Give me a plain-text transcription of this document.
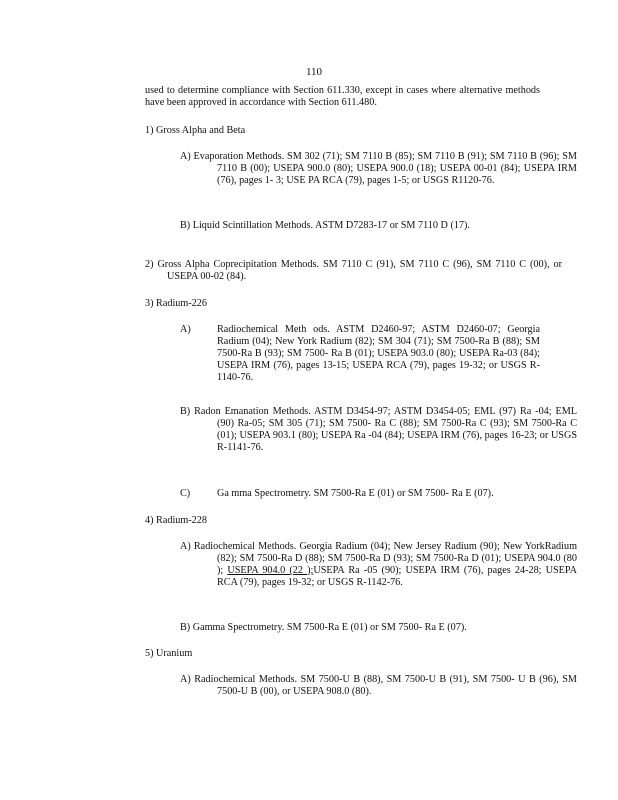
110
used to determine compliance with Section 611.330, except in cases where alternative methods have been approved in accordance with Section 611.480.
1) Gross Alpha and Beta
A) Evaporation Methods. SM 302 (71); SM 7110 B (85); SM 7110 B (91); SM 7110 B (96); SM 7110 B (00); USEPA 900.0 (80); USEPA 900.0 (18); USEPA 00-01 (84); USEPA IRM (76), pages 1- 3; USE PA RCA (79), pages 1-5; or USGS R1120-76.
B) Liquid Scintillation Methods. ASTM D7283-17 or SM 7110 D (17).
2) Gross Alpha Coprecipitation Methods. SM 7110 C (91), SM 7110 C (96), SM 7110 C (00), or USEPA 00-02 (84).
3) Radium-226
A)	Radiochemical Meth ods. ASTM D2460-97; ASTM D2460-07; Georgia Radium (04); New York Radium (82); SM 304 (71); SM 7500-Ra B (88); SM 7500-Ra B (93); SM 7500- Ra B (01); USEPA 903.0 (80); USEPA Ra-03 (84); USEPA IRM (76), pages 13-15; USEPA RCA (79), pages 19-32; or USGS R-1140-76.
B) Radon Emanation Methods. ASTM D3454-97; ASTM D3454-05; EML (97) Ra -04; EML (90) Ra-05; SM 305 (71); SM 7500- Ra C (88); SM 7500-Ra C (93); SM 7500-Ra C (01); USEPA 903.1 (80); USEPA Ra -04 (84); USEPA IRM (76), pages 16-23; or USGS R-1141-76.
C)	Ga mma Spectrometry. SM 7500-Ra E (01) or SM 7500- Ra E (07).
4) Radium-228
A) Radiochemical Methods. Georgia Radium (04); New Jersey Radium (90); New YorkRadium (82); SM 7500-Ra D (88); SM 7500-Ra D (93); SM 7500-Ra D (01); USEPA 904.0 (80 ); USEPA 904.0 (22 );USEPA Ra -05 (90); USEPA IRM (76), pages 24-28; USEPA RCA (79), pages 19-32; or USGS R-1142-76.
B) Gamma Spectrometry. SM 7500-Ra E (01) or SM 7500- Ra E (07).
5) Uranium
A) Radiochemical Methods. SM 7500-U B (88), SM 7500-U B (91), SM 7500- U B (96), SM 7500-U B (00), or USEPA 908.0 (80).
